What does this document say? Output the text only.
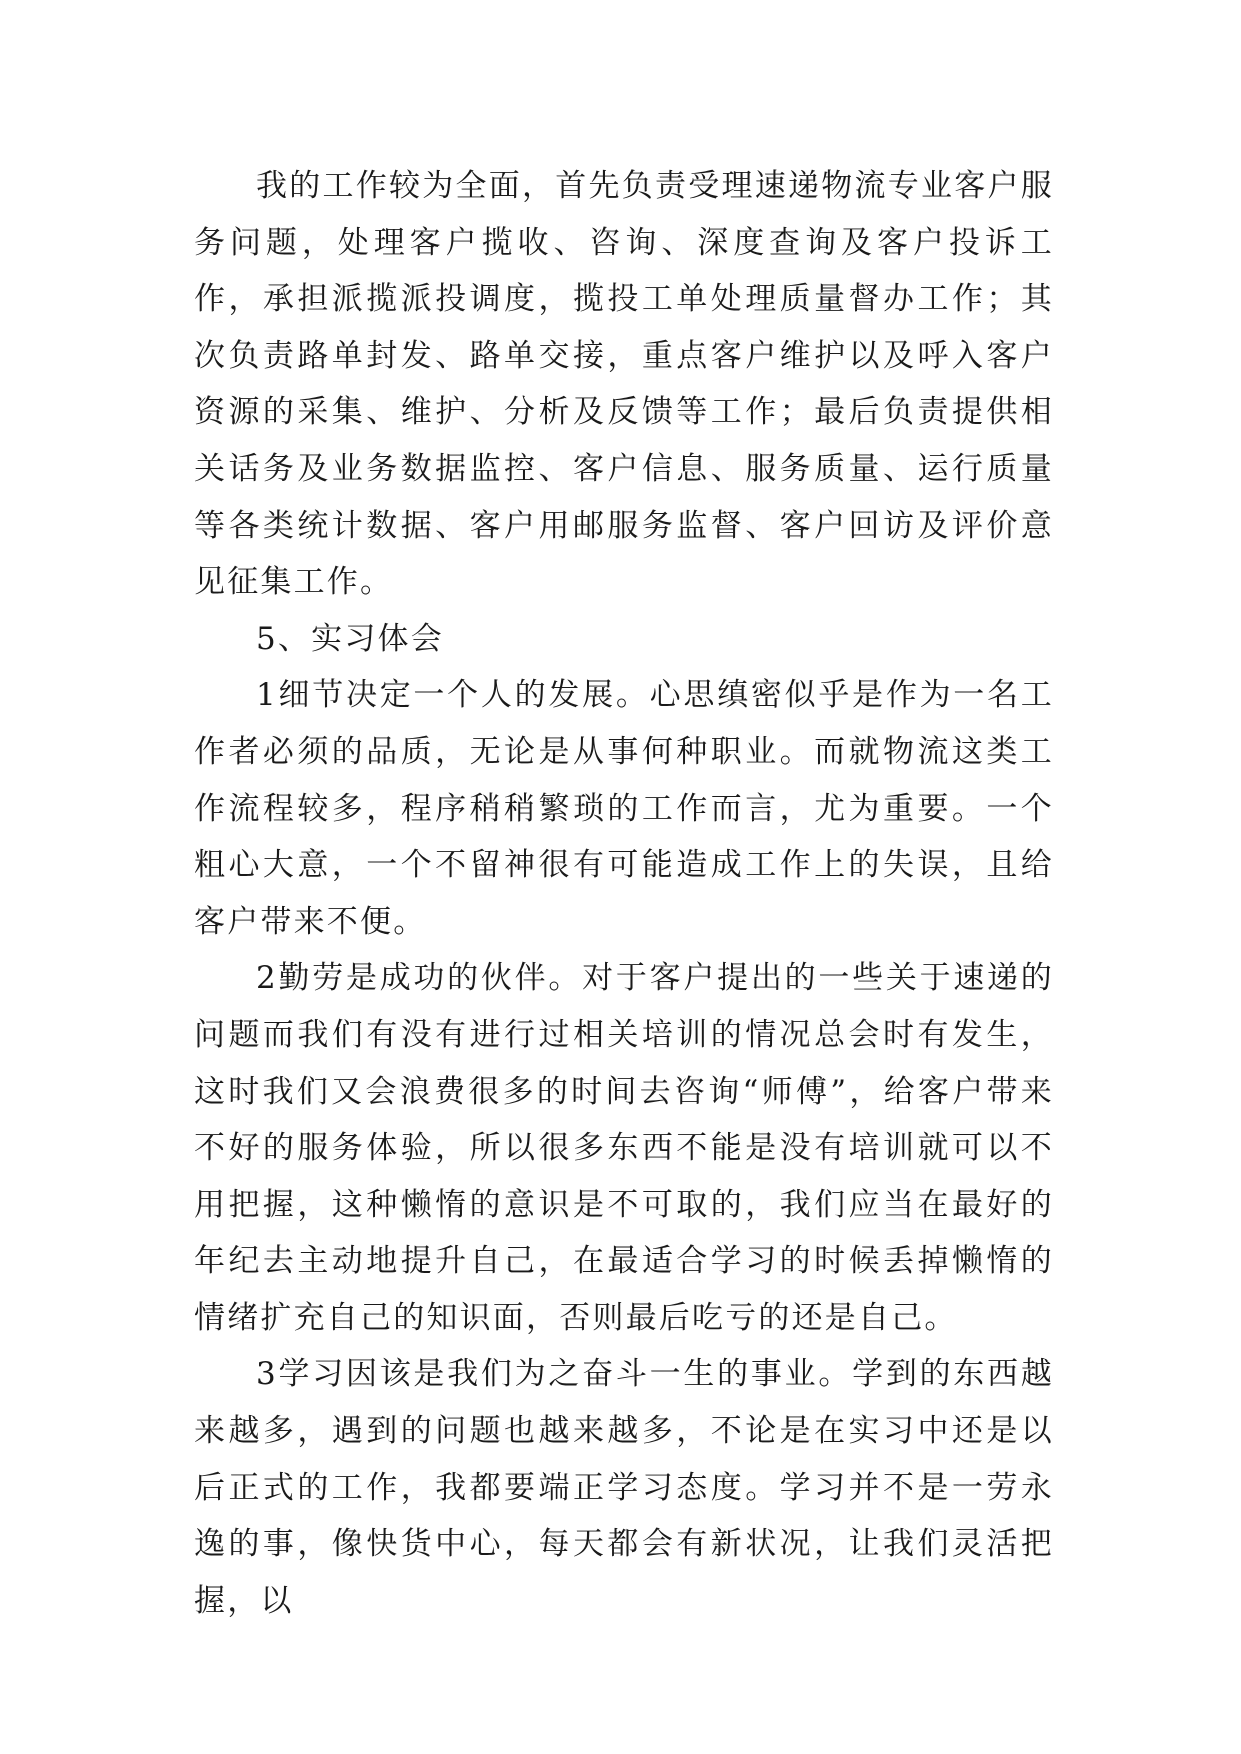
我的工作较为全面，首先负责受理速递物流专业客户服务问题，处理客户揽收、咨询、深度查询及客户投诉工作，承担派揽派投调度，揽投工单处理质量督办工作；其次负责路单封发、路单交接，重点客户维护以及呼入客户资源的采集、维护、分析及反馈等工作；最后负责提供相关话务及业务数据监控、客户信息、服务质量、运行质量等各类统计数据、客户用邮服务监督、客户回访及评价意见征集工作。

5、实习体会

1细节决定一个人的发展。心思缜密似乎是作为一名工作者必须的品质，无论是从事何种职业。而就物流这类工作流程较多，程序稍稍繁琐的工作而言，尤为重要。一个粗心大意，一个不留神很有可能造成工作上的失误，且给客户带来不便。

2勤劳是成功的伙伴。对于客户提出的一些关于速递的问题而我们有没有进行过相关培训的情况总会时有发生，这时我们又会浪费很多的时间去咨询“师傅”，给客户带来不好的服务体验，所以很多东西不能是没有培训就可以不用把握，这种懒惰的意识是不可取的，我们应当在最好的年纪去主动地提升自己，在最适合学习的时候丢掉懒惰的情绪扩充自己的知识面，否则最后吃亏的还是自己。

3学习因该是我们为之奋斗一生的事业。学到的东西越来越多，遇到的问题也越来越多，不论是在实习中还是以后正式的工作，我都要端正学习态度。学习并不是一劳永逸的事，像快货中心，每天都会有新状况，让我们灵活把握，以
